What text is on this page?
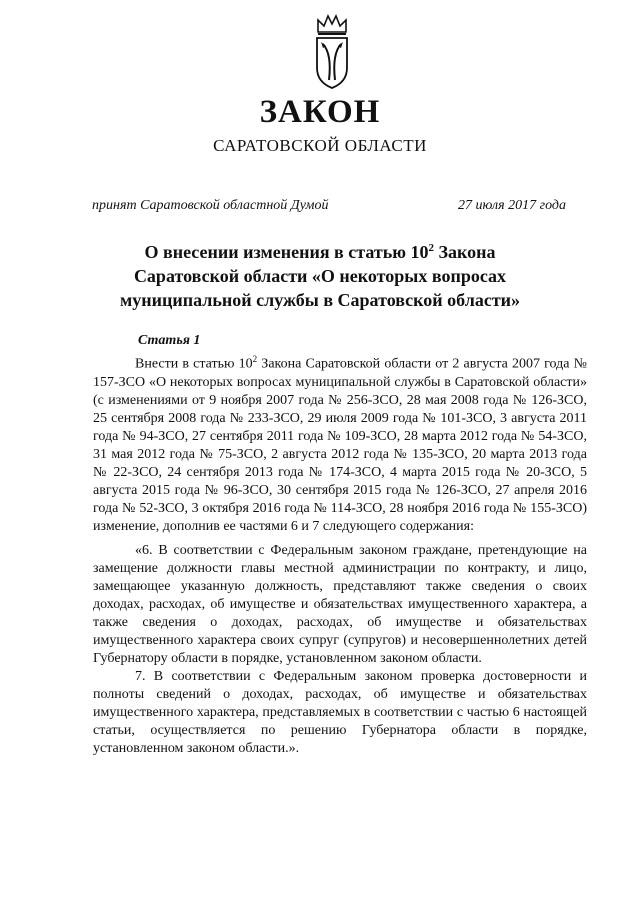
ЗАКОН
САРАТОВСКОЙ ОБЛАСТИ
принят Саратовской областной Думой	27 июля 2017 года
О внесении изменения в статью $10^2$ Закона Саратовской области «О некоторых вопросах муниципальной службы в Саратовской области»
Статья 1

Внести в статью $10^2$ Закона Саратовской области от 2 августа 2007 года № 157-ЗСО «О некоторых вопросах муниципальной службы в Саратовской области» (с изменениями от 9 ноября 2007 года № 256-ЗСО, 28 мая 2008 года № 126-ЗСО, 25 сентября 2008 года № 233-ЗСО, 29 июля 2009 года № 101-ЗСО, 3 августа 2011 года № 94-ЗСО, 27 сентября 2011 года № 109-ЗСО, 28 марта 2012 года № 54-ЗСО, 31 мая 2012 года № 75-ЗСО, 2 августа 2012 года № 135-ЗСО, 20 марта 2013 года № 22-ЗСО, 24 сентября 2013 года № 174-ЗСО, 4 марта 2015 года № 20-ЗСО, 5 августа 2015 года № 96-ЗСО, 30 сентября 2015 года № 126-ЗСО, 27 апреля 2016 года № 52-ЗСО, 3 октября 2016 года № 114-ЗСО, 28 ноября 2016 года № 155-ЗСО) изменение, дополнив ее частями 6 и 7 следующего содержания:

«6. В соответствии с Федеральным законом граждане, претендующие на замещение должности главы местной администрации по контракту, и лицо, замещающее указанную должность, представляют также сведения о своих доходах, расходах, об имуществе и обязательствах имущественного характера, а также сведения о доходах, расходах, об имуществе и обязательствах имущественного характера своих супруг (супругов) и несовершеннолетних детей Губернатору области в порядке, установленном законом области.

7. В соответствии с Федеральным законом проверка достоверности и полноты сведений о доходах, расходах, об имуществе и обязательствах имущественного характера, представляемых в соответствии с частью 6 настоящей статьи, осуществляется по решению Губернатора области в порядке, установленном законом области.».
